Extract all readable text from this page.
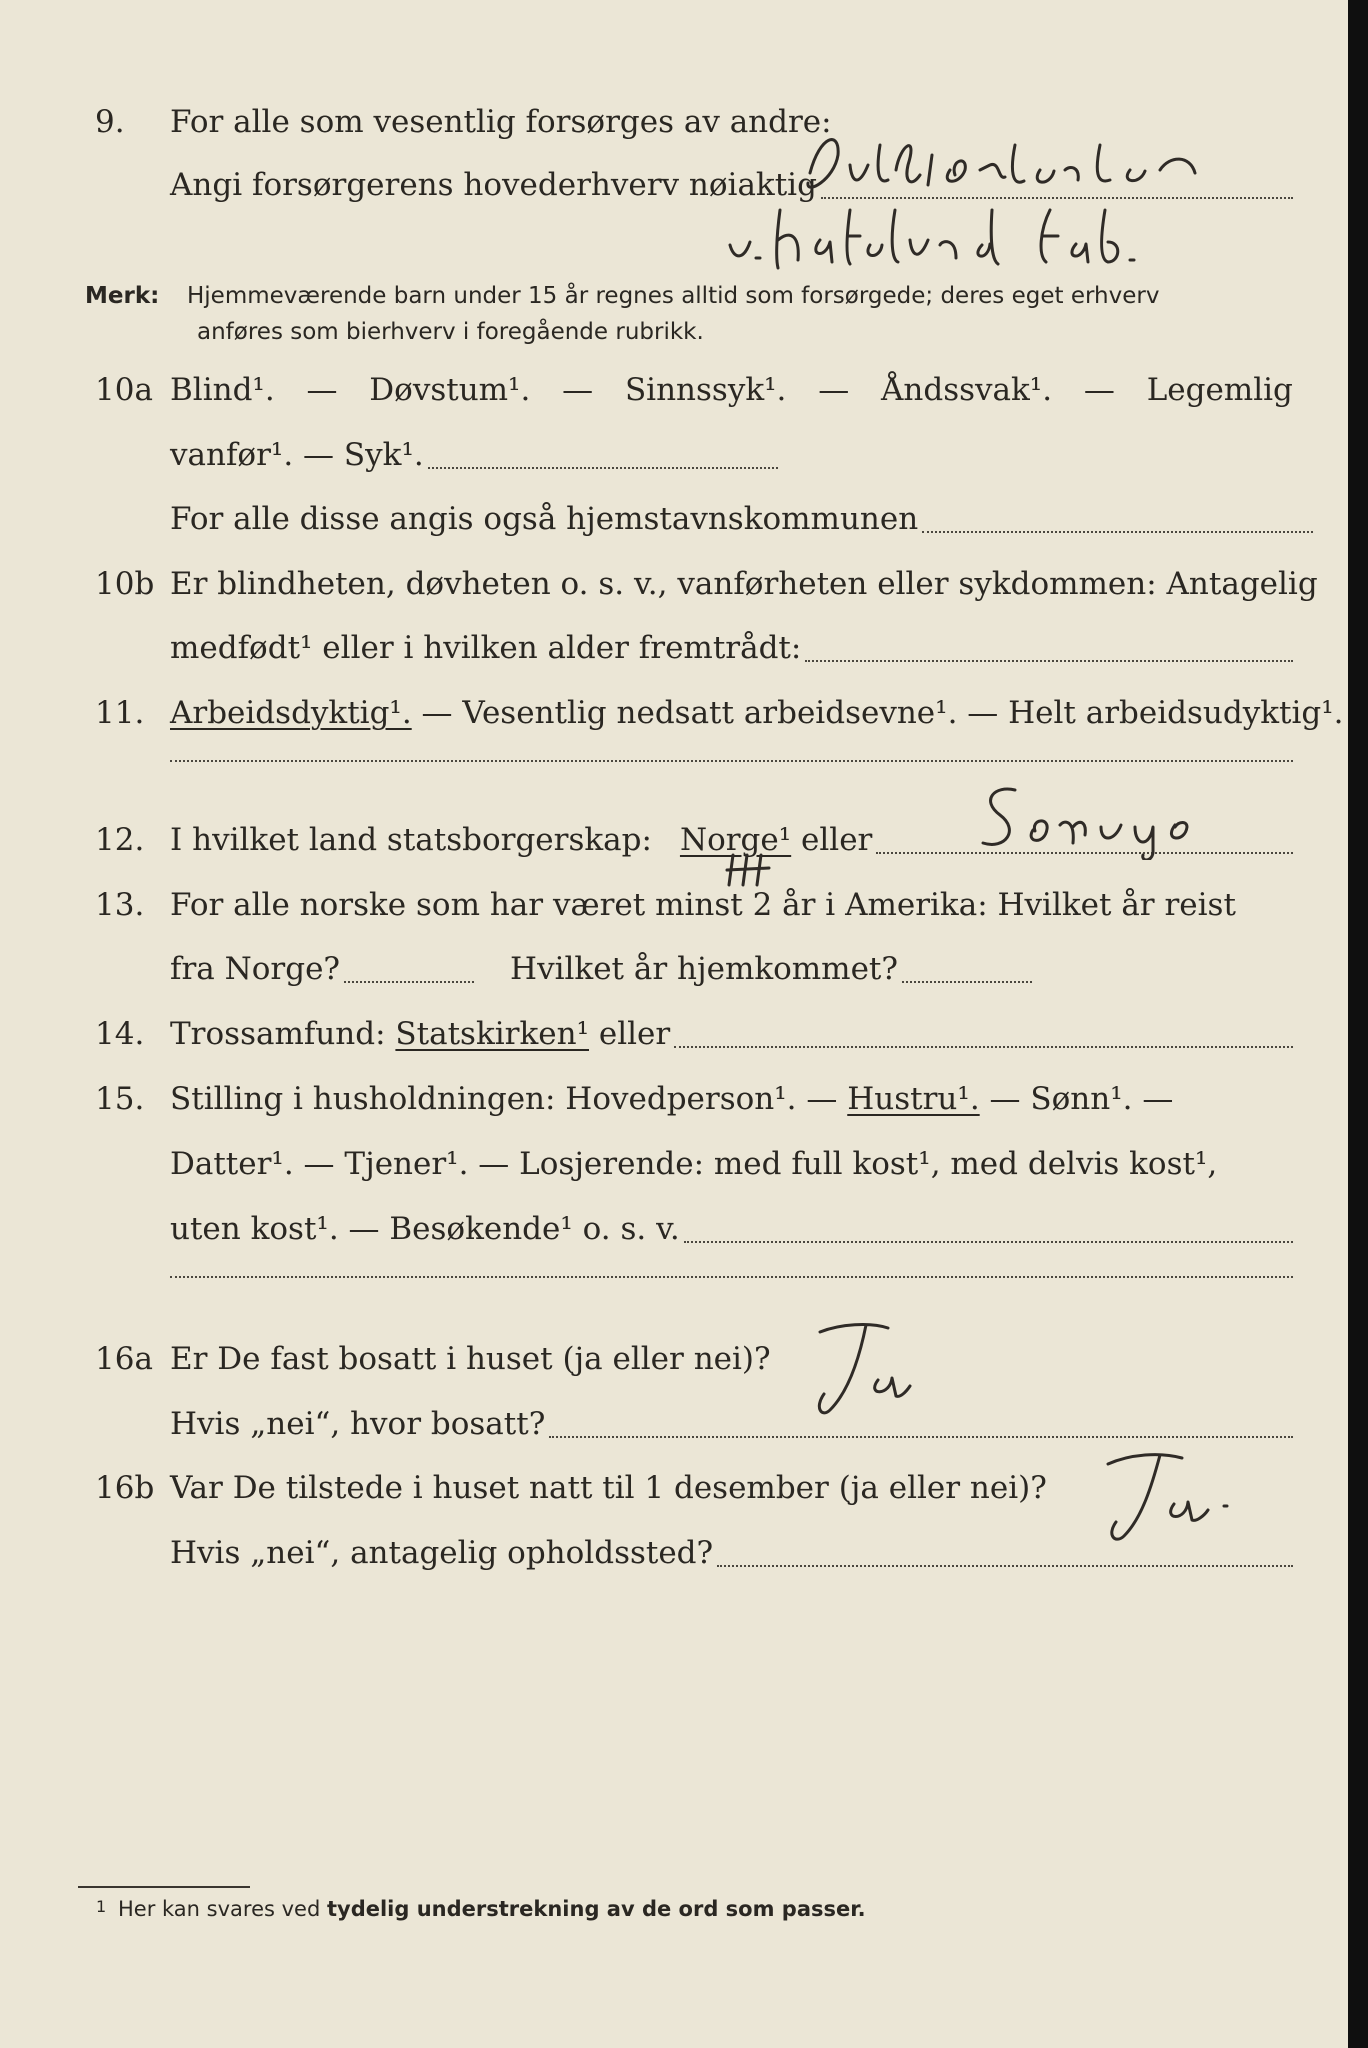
9.	For alle som vesentlig forsørges av andre:
Angi forsørgerens hovederhverv nøiaktig
Merk:	Hjemmeværende barn under 15 år regnes alltid som forsørgede; deres eget erhverv
anføres som bierhverv i foregående rubrikk.
10a Blind¹. — Døvstum¹. — Sinnssyk¹. — Åndssvak¹. — Legemlig
vanfør¹. — Syk¹.
For alle disse angis også hjemstavnskommunen
10b Er blindheten, døvheten o. s. v., vanførheten eller sykdommen: Antagelig
medfødt¹ eller i hvilken alder fremtrådt:
11. Arbeidsdyktig¹. — Vesentlig nedsatt arbeidsevne¹. — Helt arbeidsudyktig¹.
12. I hvilket land statsborgerskap: Norge¹ eller
13. For alle norske som har været minst 2 år i Amerika: Hvilket år reist
fra Norge?	Hvilket år hjemkommet?
14. Trossamfund: Statskirken¹ eller
15. Stilling i husholdningen: Hovedperson¹. — Hustru¹. — Sønn¹. —
Datter¹. — Tjener¹. — Losjerende: med full kost¹, med delvis kost¹,
uten kost¹. — Besøkende¹ o. s. v.
16a Er De fast bosatt i huset (ja eller nei)?
Hvis „nei“, hvor bosatt?
16b Var De tilstede i huset natt til 1 desember (ja eller nei)?
Hvis „nei“, antagelig opholdssted?
1 Her kan svares ved tydelig understrekning av de ord som passer.
